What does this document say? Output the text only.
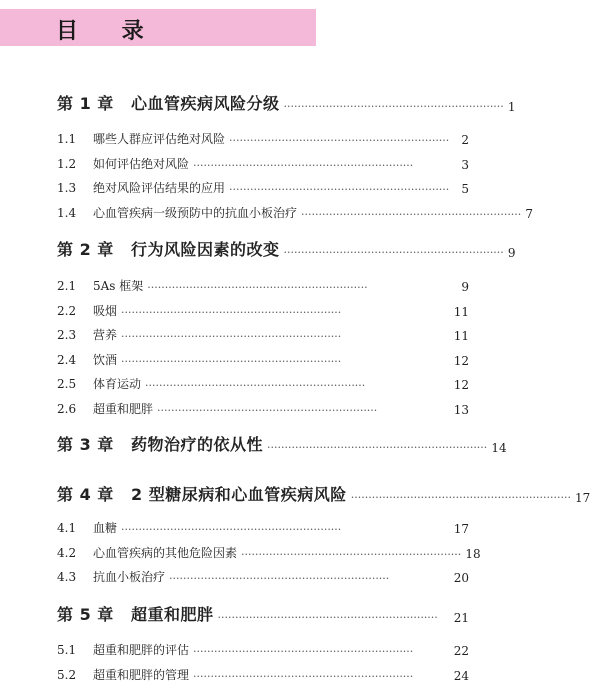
目 录
第 1 章 心血管疾病风险分级 ······························································· 1
1.1 哪些人群应评估绝对风险 ·······························································	2
1.2 如何评估绝对风险 ·······························································	3
1.3 绝对风险评估结果的应用 ·······························································	5
1.4 心血管疾病一级预防中的抗血小板治疗 ······························································· 7
第 2 章 行为风险因素的改变 ······························································· 9
2.1 5As 框架 ·······························································	9
2.2 吸烟 ·······························································	11
2.3 营养 ·······························································	11
2.4 饮酒 ·······························································	12
2.5 体育运动 ·······························································	12
2.6 超重和肥胖 ·······························································	13
第 3 章 药物治疗的依从性 ······························································· 14
第 4 章 2 型糖尿病和心血管疾病风险 ······························································· 17
4.1 血糖 ·······························································	17
4.2 心血管疾病的其他危险因素 ······························································· 18
4.3 抗血小板治疗 ·······························································	20
第 5 章 超重和肥胖 ·······························································	21
5.1 超重和肥胖的评估 ·······························································	22
5.2 超重和肥胖的管理 ·······························································	24
